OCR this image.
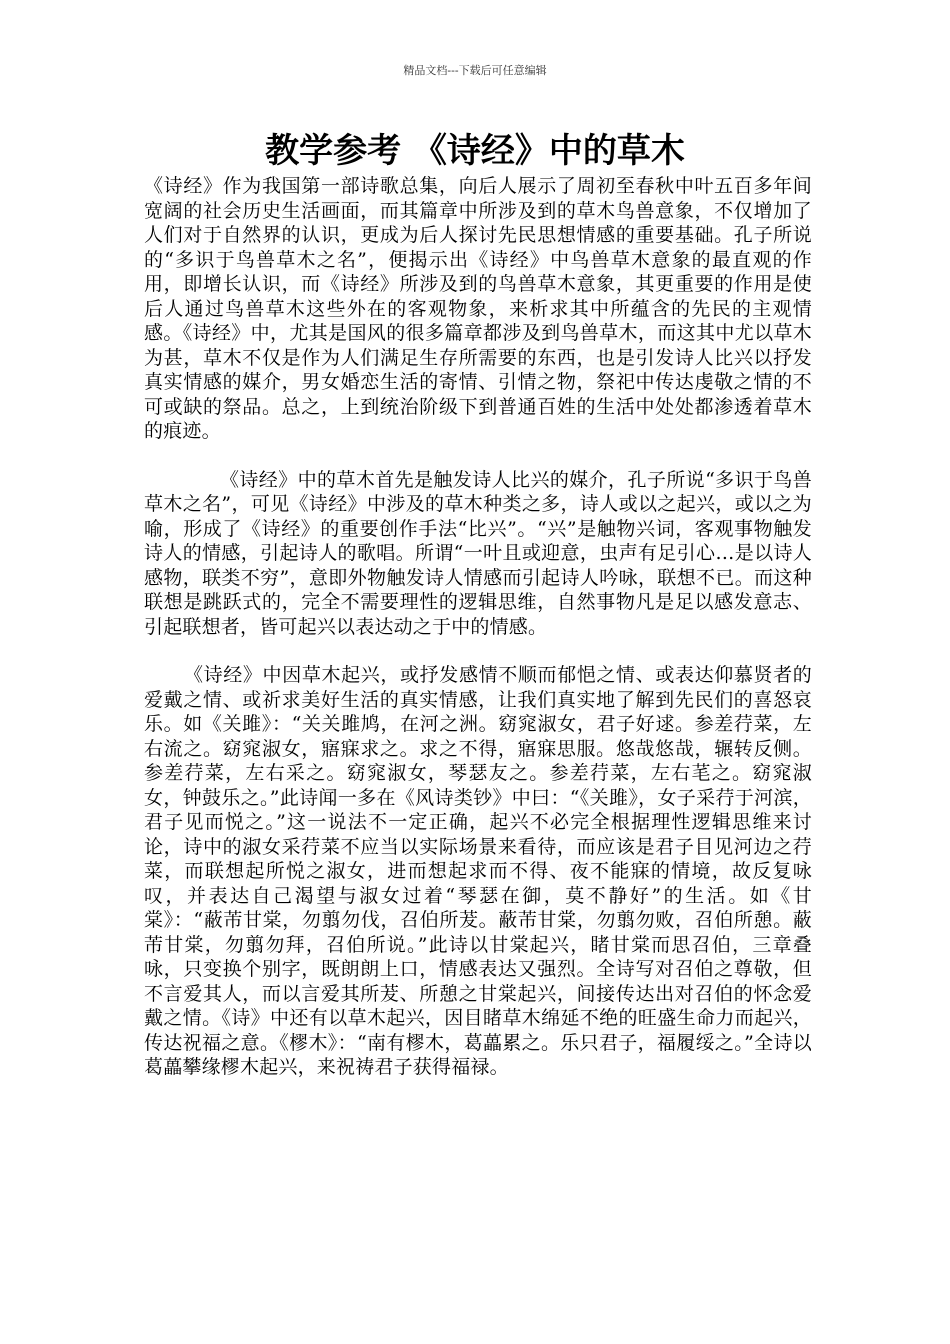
精品文档---下载后可任意编辑
教学参考 《诗经》中的草木

《诗经》作为我国第一部诗歌总集，向后人展示了周初至春秋中叶五百多年间宽阔的社会历史生活画面，而其篇章中所涉及到的草木鸟兽意象，不仅增加了人们对于自然界的认识，更成为后人探讨先民思想情感的重要基础。孔子所说的“多识于鸟兽草木之名”，便揭示出《诗经》中鸟兽草木意象的最直观的作用，即增长认识，而《诗经》所涉及到的鸟兽草木意象，其更重要的作用是使后人通过鸟兽草木这些外在的客观物象，来析求其中所蕴含的先民的主观情感。《诗经》中，尤其是国风的很多篇章都涉及到鸟兽草木，而这其中尤以草木为甚，草木不仅是作为人们满足生存所需要的东西，也是引发诗人比兴以抒发真实情感的媒介，男女婚恋生活的寄情、引情之物，祭祀中传达虔敬之情的不可或缺的祭品。总之，上到统治阶级下到普通百姓的生活中处处都渗透着草木的痕迹。

《诗经》中的草木首先是触发诗人比兴的媒介，孔子所说“多识于鸟兽草木之名”，可见《诗经》中涉及的草木种类之多，诗人或以之起兴，或以之为喻，形成了《诗经》的重要创作手法“比兴”。“兴”是触物兴词，客观事物触发诗人的情感，引起诗人的歌唱。所谓“一叶且或迎意，虫声有足引心…是以诗人感物，联类不穷”，意即外物触发诗人情感而引起诗人吟咏，联想不已。而这种联想是跳跃式的，完全不需要理性的逻辑思维，自然事物凡是足以感发意志、引起联想者，皆可起兴以表达动之于中的情感。

《诗经》中因草木起兴，或抒发感情不顺而郁悒之情、或表达仰慕贤者的爱戴之情、或祈求美好生活的真实情感，让我们真实地了解到先民们的喜怒哀乐。如《关雎》：“关关雎鸠，在河之洲。窈窕淑女，君子好逑。参差荇菜，左右流之。窈窕淑女，寤寐求之。求之不得，寤寐思服。悠哉悠哉，辗转反侧。参差荇菜，左右采之。窈窕淑女，琴瑟友之。参差荇菜，左右芼之。窈窕淑女，钟鼓乐之。”此诗闻一多在《风诗类钞》中曰：“《关雎》，女子采荇于河滨，君子见而悦之。”这一说法不一定正确，起兴不必完全根据理性逻辑思维来讨论，诗中的淑女采荇菜不应当以实际场景来看待，而应该是君子目见河边之荇菜，而联想起所悦之淑女，进而想起求而不得、夜不能寐的情境，故反复咏叹，并表达自己渴望与淑女过着“琴瑟在御，莫不静好”的生活。如《甘棠》：“蔽芾甘棠，勿翦勿伐，召伯所茇。蔽芾甘棠，勿翦勿败，召伯所憩。蔽芾甘棠，勿翦勿拜，召伯所说。”此诗以甘棠起兴，睹甘棠而思召伯，三章叠咏，只变换个别字，既朗朗上口，情感表达又强烈。全诗写对召伯之尊敬，但不言爱其人，而以言爱其所茇、所憩之甘棠起兴，间接传达出对召伯的怀念爱戴之情。《诗》中还有以草木起兴，因目睹草木绵延不绝的旺盛生命力而起兴，传达祝福之意。《樛木》：“南有樛木，葛藟累之。乐只君子，福履绥之。”全诗以葛藟攀缘樛木起兴，来祝祷君子获得福禄。
